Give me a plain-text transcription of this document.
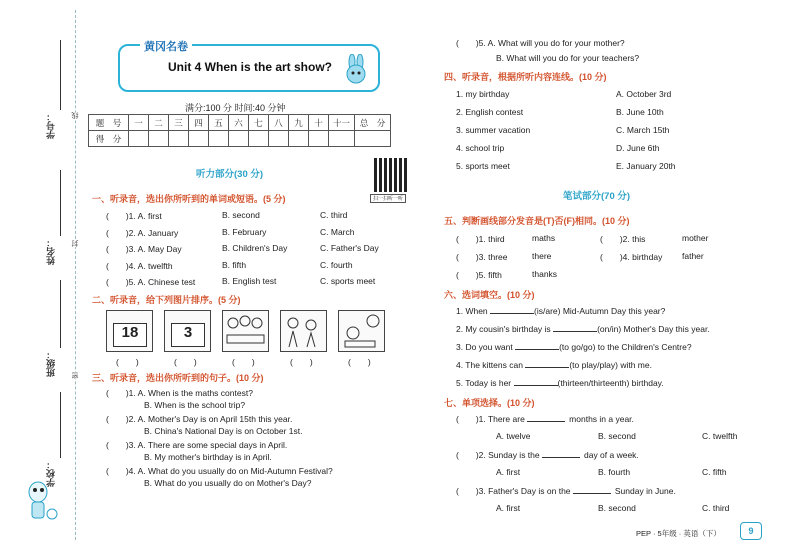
学号：
姓名：
班级：
学校：
线
封
密
黄冈名卷
Unit 4 When is the art show?
满分:100 分 时间:40 分钟
题　号	一	二	三	四	五	六	七	八	九	十	十一	总　分
得　分												
听力部分(30 分)
扫一扫听一听
一、听录音，选出你所听到的单词或短语。(5 分)
二、听录音，给下列图片排序。(5 分)
18	3
三、听录音，选出你所听到的句子。(10 分)
四、听录音，根据所听内容连线。(10 分)
笔试部分(70 分)
五、判断画线部分发音是(T)否(F)相同。(10 分)
六、选词填空。(10 分)
七、单项选择。(10 分)
PEP · 5年级 · 英语（下）	9
(　　)1. A. first	B. second	C. third
(　　)2. A. January	B. February	C. March
(　　)3. A. May Day	B. Children's Day	C. Father's Day
(　　)4. A. twelfth	B. fifth	C. fourth
(　　)5. A. Chinese test	B. English test	C. sports meet
(　　)	(　　)	(　　)	(　　)	(　　)
(　　)1. A. When is the maths contest?
B. When is the school trip?
(　　)2. A. Mother's Day is on April 15th this year.
B. China's National Day is on October 1st.
(　　)3. A. There are some special days in April.
B. My mother's birthday is in April.
(　　)4. A. What do you usually do on Mid-Autumn Festival?
B. What do you usually do on Mother's Day?
(　　)5. A. What will you do for your mother?
B. What will you do for your teachers?
1. my birthday	A. October 3rd
2. English contest	B. June 10th
3. summer vacation	C. March 15th
4. school trip	D. June 6th
5. sports meet	E. January 20th
(　　)1. third	maths	(　　)2. this	mother
(　　)3. three	there	(　　)4. birthday father
(　　)5. fifth	thanks
1. When	(is/are) Mid-Autumn Day this year?
2. My cousin's birthday is	(on/in) Mother's Day this year.
3. Do you want	(to go/go) to the Children's Centre?
4. The kittens can	(to play/play) with me.
5. Today is her	(thirteen/thirteenth) birthday.
(　　)1. There are	months in a year.
A. twelve	B. second	C. twelfth
(　　)2. Sunday is the	day of a week.
A. first	B. fourth	C. fifth
(　　)3. Father's Day is on the	Sunday in June.
A. first	B. second	C. third
